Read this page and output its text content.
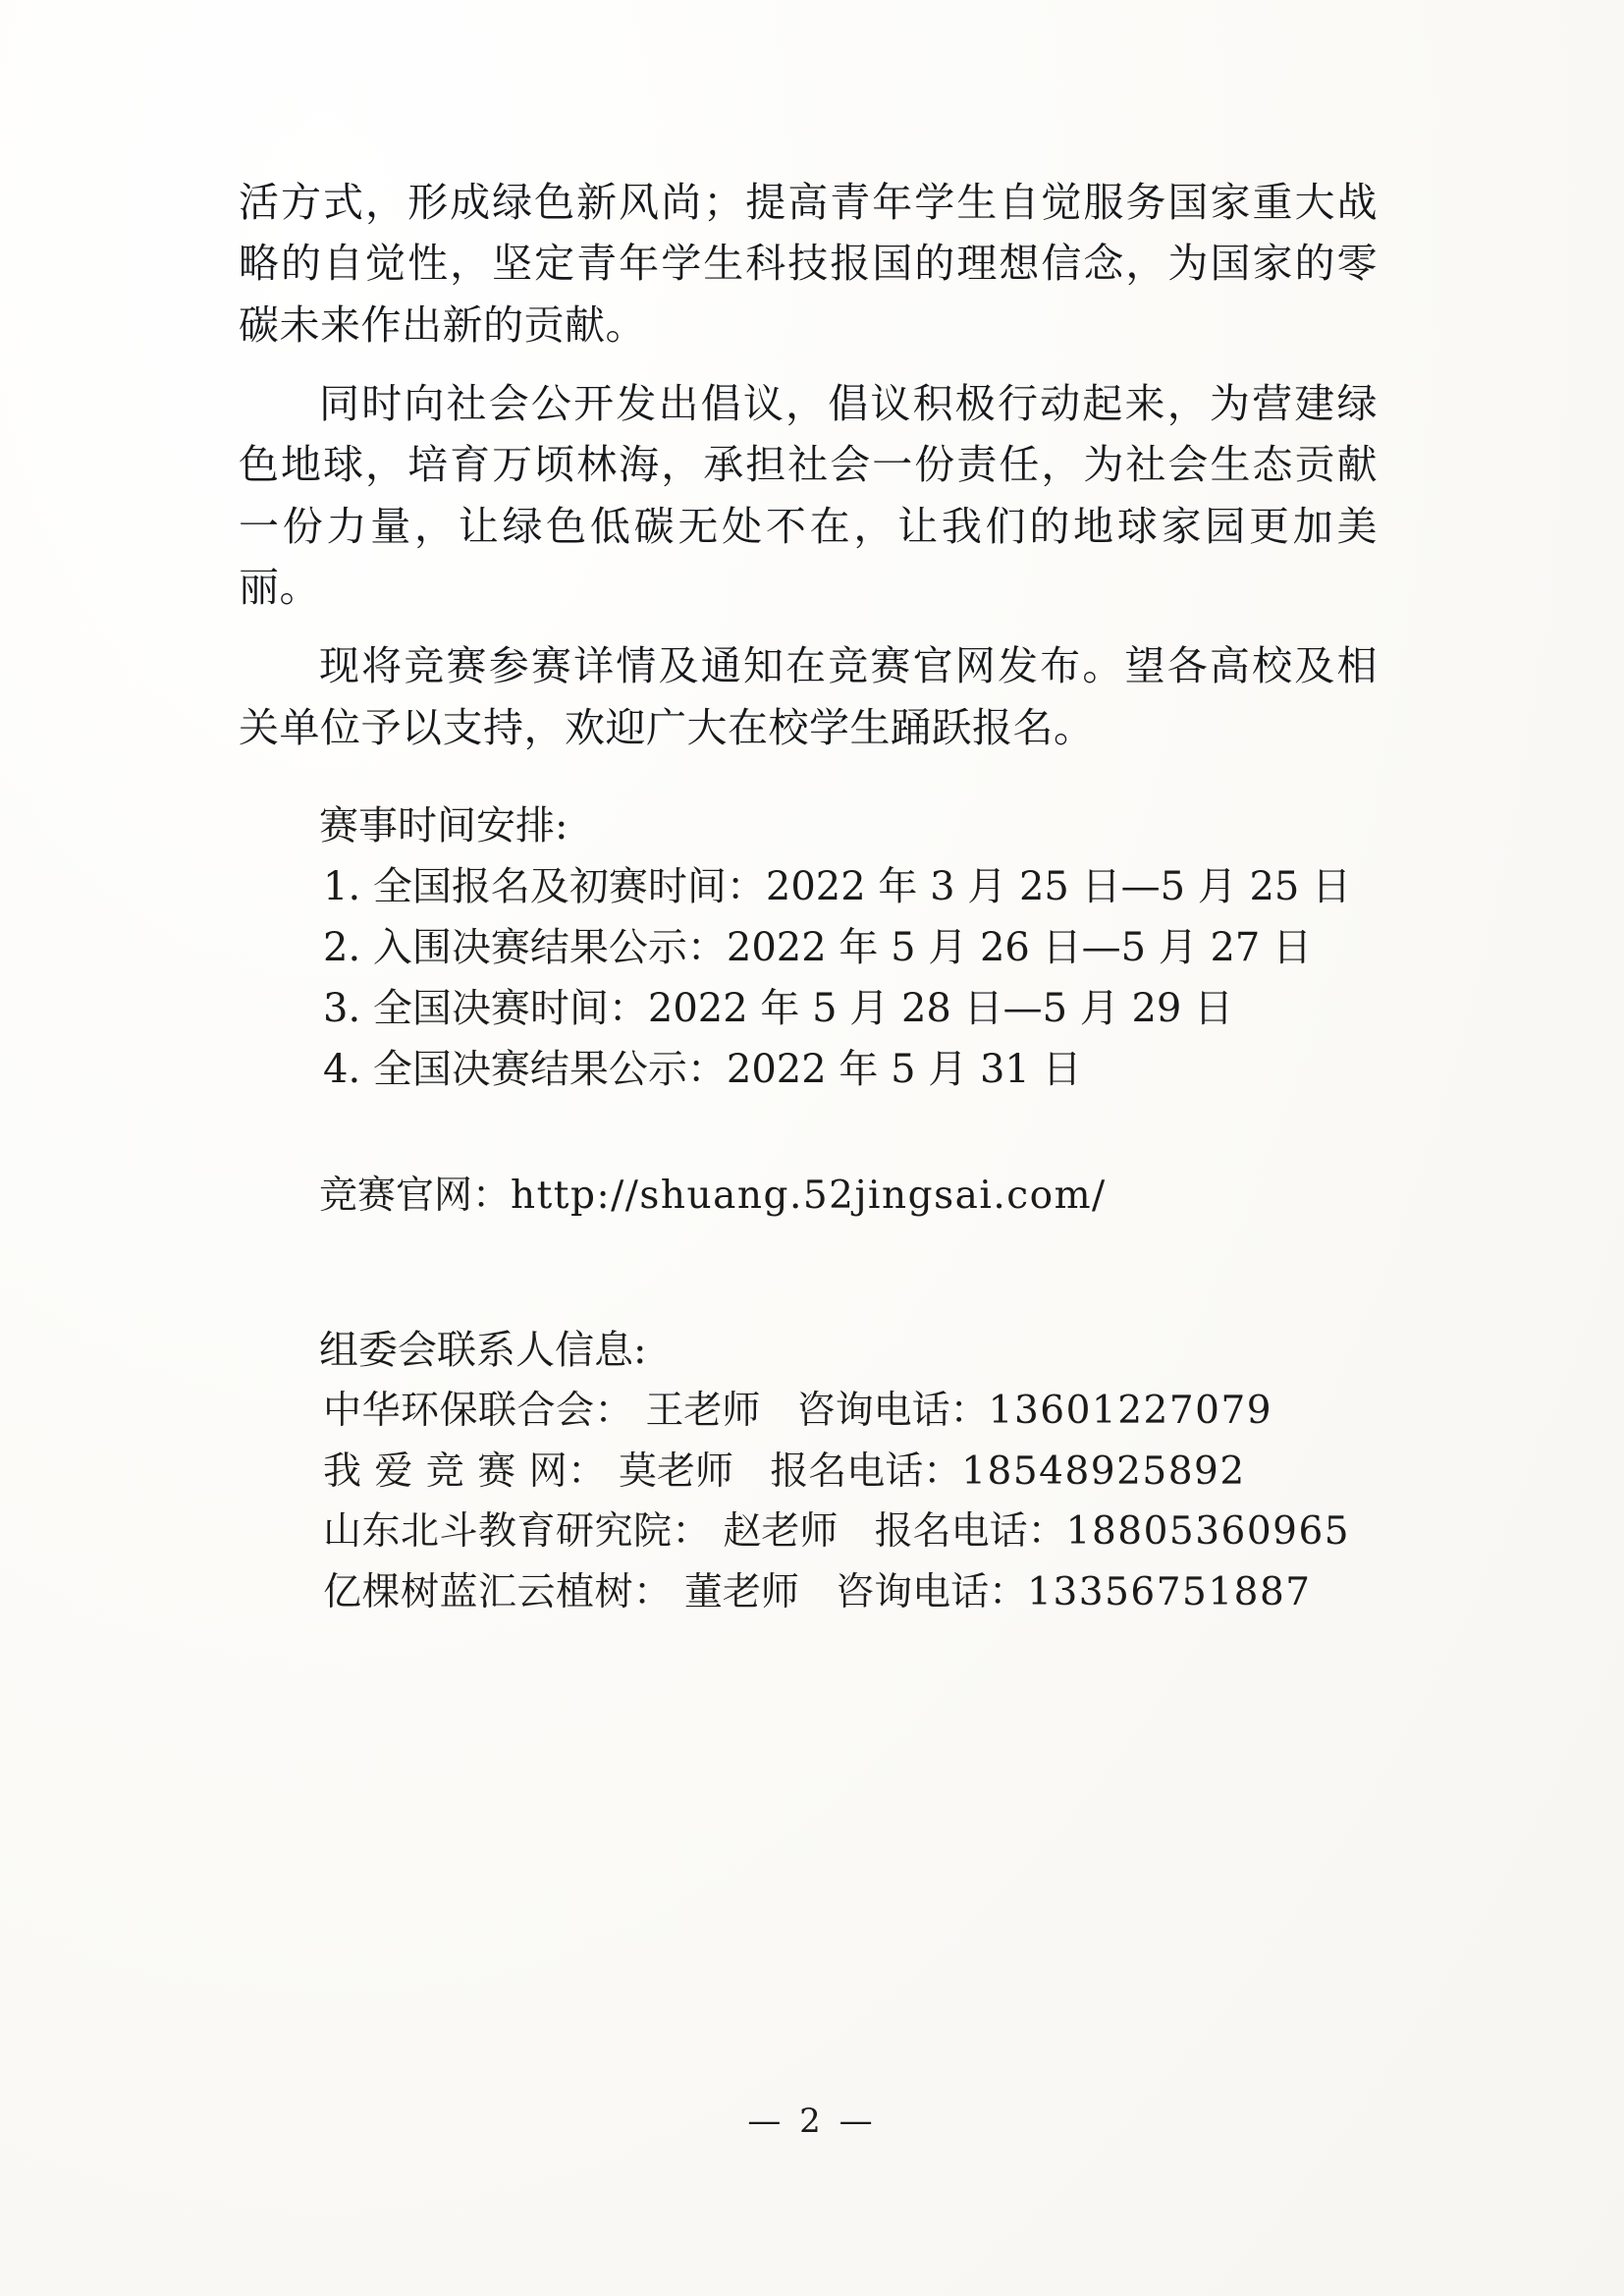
活方式，形成绿色新风尚；提高青年学生自觉服务国家重大战略的自觉性，坚定青年学生科技报国的理想信念，为国家的零碳未来作出新的贡献。

同时向社会公开发出倡议，倡议积极行动起来，为营建绿色地球，培育万顷林海，承担社会一份责任，为社会生态贡献一份力量，让绿色低碳无处不在，让我们的地球家园更加美丽。

现将竞赛参赛详情及通知在竞赛官网发布。望各高校及相关单位予以支持，欢迎广大在校学生踊跃报名。

赛事时间安排:
1. 全国报名及初赛时间：2022 年 3 月 25 日—5 月 25 日
2. 入围决赛结果公示：2022 年 5 月 26 日—5 月 27 日
3. 全国决赛时间：2022 年 5 月 28 日—5 月 29 日
4. 全国决赛结果公示：2022 年 5 月 31 日
竞赛官网：http://shuang.52jingsai.com/
组委会联系人信息:
中华环保联合会： 王老师 咨询电话：13601227079
我 爱 竞 赛 网： 莫老师 报名电话：18548925892
山东北斗教育研究院： 赵老师 报名电话：18805360965
亿棵树蓝汇云植树： 董老师 咨询电话：13356751887
— 2 —
